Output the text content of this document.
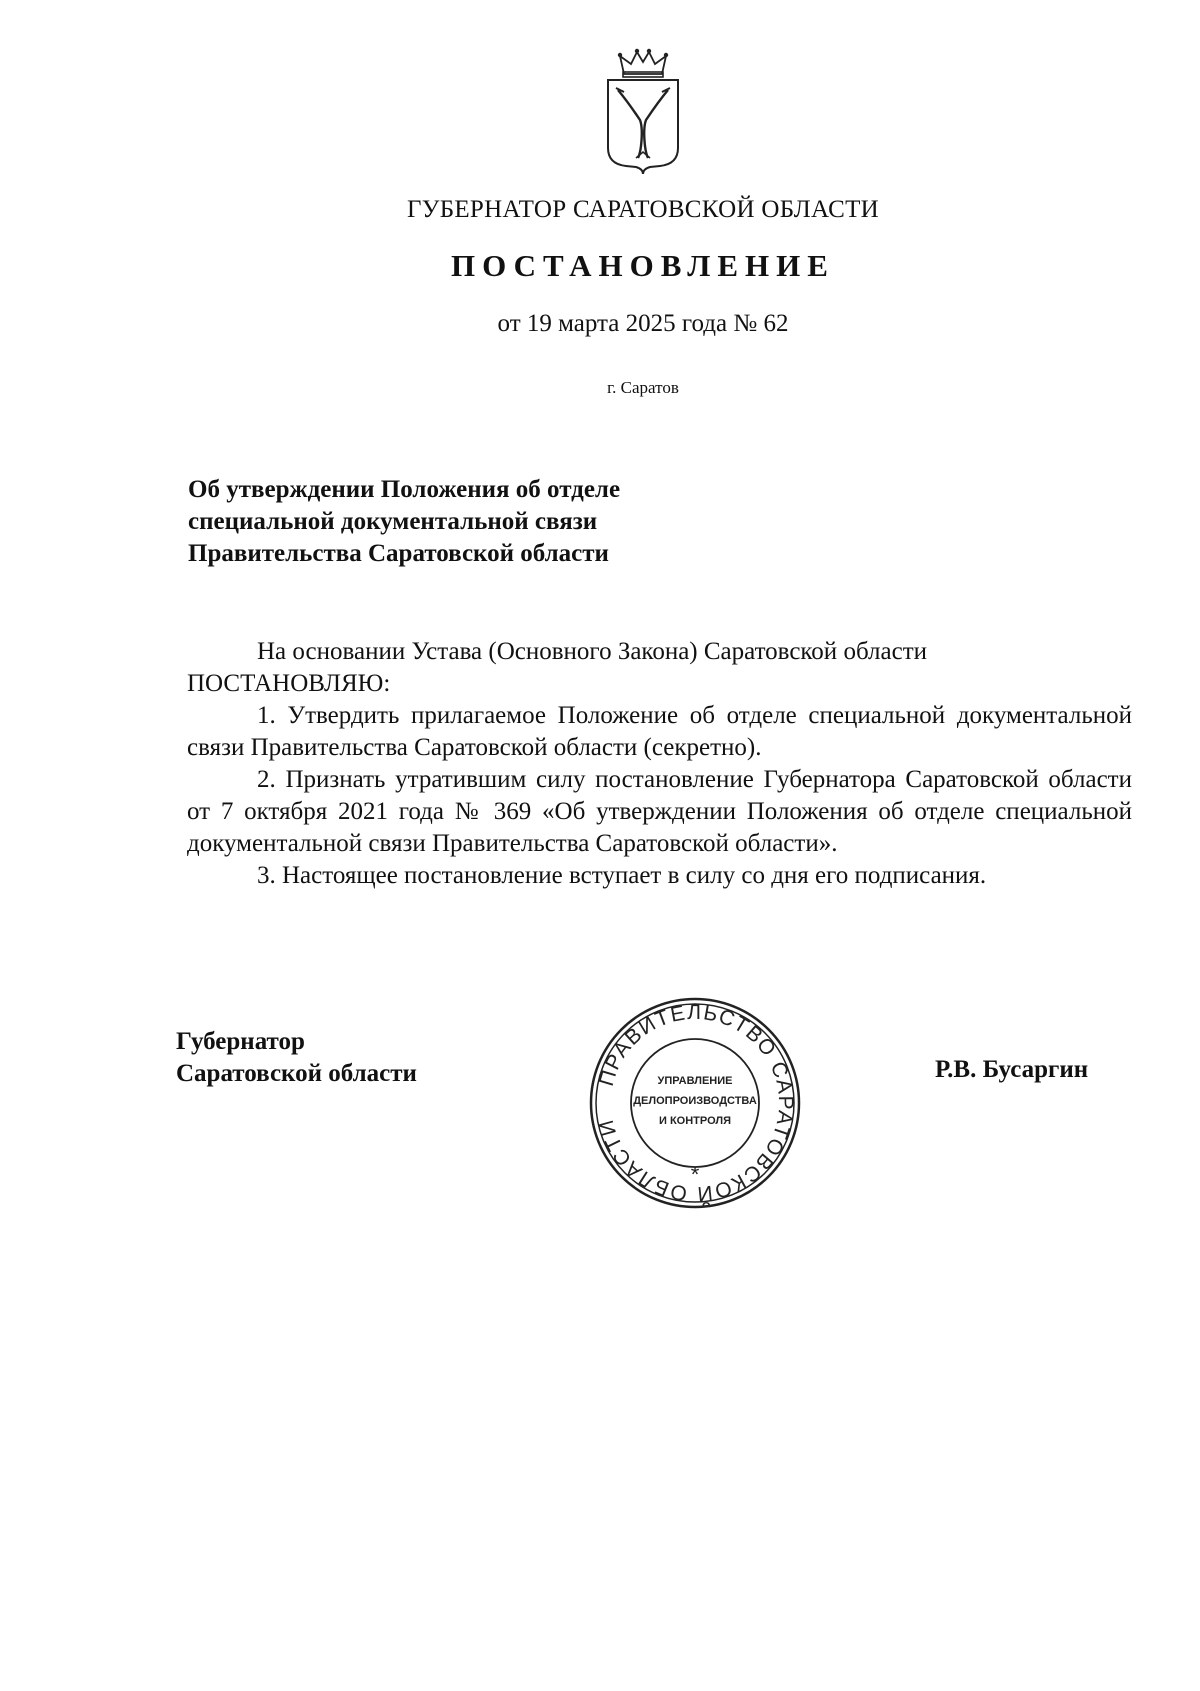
ГУБЕРНАТОР САРАТОВСКОЙ ОБЛАСТИ
ПОСТАНОВЛЕНИЕ
от 19 марта 2025 года № 62
г. Саратов
Об утверждении Положения об отделе
специальной документальной связи
Правительства Саратовской области

На основании Устава (Основного Закона) Саратовской области

ПОСТАНОВЛЯЮ:

1. Утвердить прилагаемое Положение об отделе специальной документальной связи Правительства Саратовской области (секретно).

2. Признать утратившим силу постановление Губернатора Саратовской области от 7 октября 2021 года № 369 «Об утверждении Положения об отделе специальной документальной связи Правительства Саратовской области».

3. Настоящее постановление вступает в силу со дня его подписания.

Губернатор
Саратовской области	Р.В. Бусаргин
ПРАВИТЕЛЬСТВО САРАТОВСКОЙ ОБЛАСТИ
*
УПРАВЛЕНИЕ
ДЕЛОПРОИЗВОДСТВА
И КОНТРОЛЯ
